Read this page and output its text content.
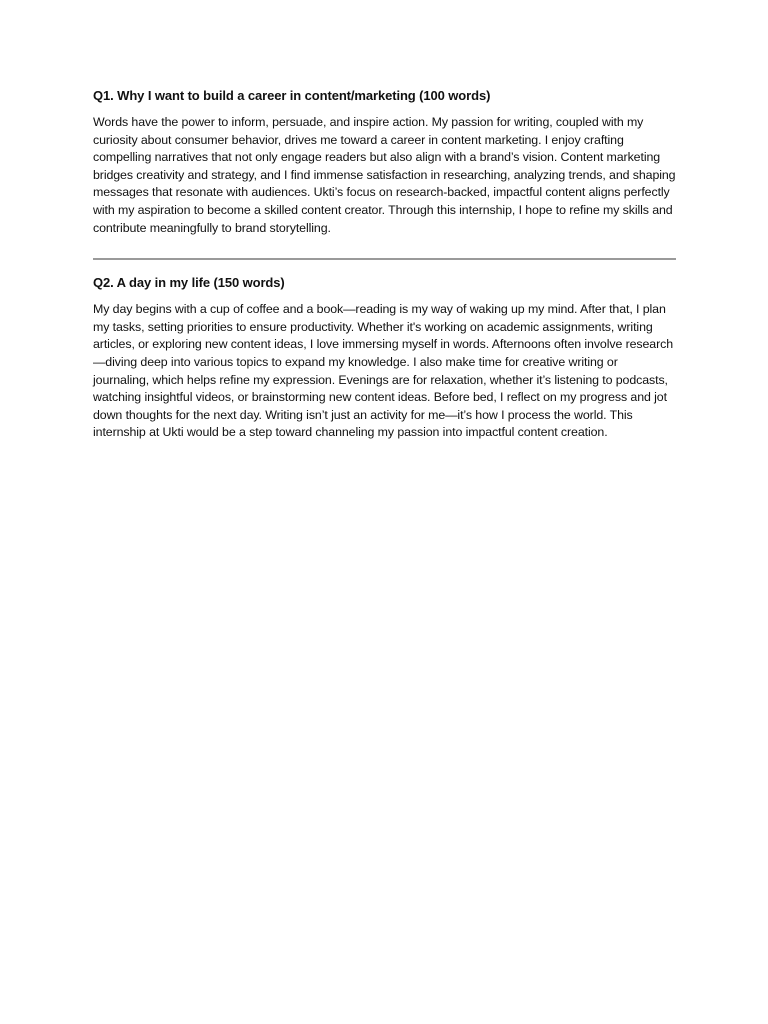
Q1. Why I want to build a career in content/marketing (100 words)

Words have the power to inform, persuade, and inspire action. My passion for writing, coupled with my curiosity about consumer behavior, drives me toward a career in content marketing. I enjoy crafting compelling narratives that not only engage readers but also align with a brand’s vision. Content marketing bridges creativity and strategy, and I find immense satisfaction in researching, analyzing trends, and shaping messages that resonate with audiences. Ukti’s focus on research-backed, impactful content aligns perfectly with my aspiration to become a skilled content creator. Through this internship, I hope to refine my skills and contribute meaningfully to brand storytelling.

Q2. A day in my life (150 words)

My day begins with a cup of coffee and a book—reading is my way of waking up my mind. After that, I plan my tasks, setting priorities to ensure productivity. Whether it's working on academic assignments, writing articles, or exploring new content ideas, I love immersing myself in words. Afternoons often involve research—diving deep into various topics to expand my knowledge. I also make time for creative writing or journaling, which helps refine my expression. Evenings are for relaxation, whether it’s listening to podcasts, watching insightful videos, or brainstorming new content ideas. Before bed, I reflect on my progress and jot down thoughts for the next day. Writing isn’t just an activity for me—it’s how I process the world. This internship at Ukti would be a step toward channeling my passion into impactful content creation.
